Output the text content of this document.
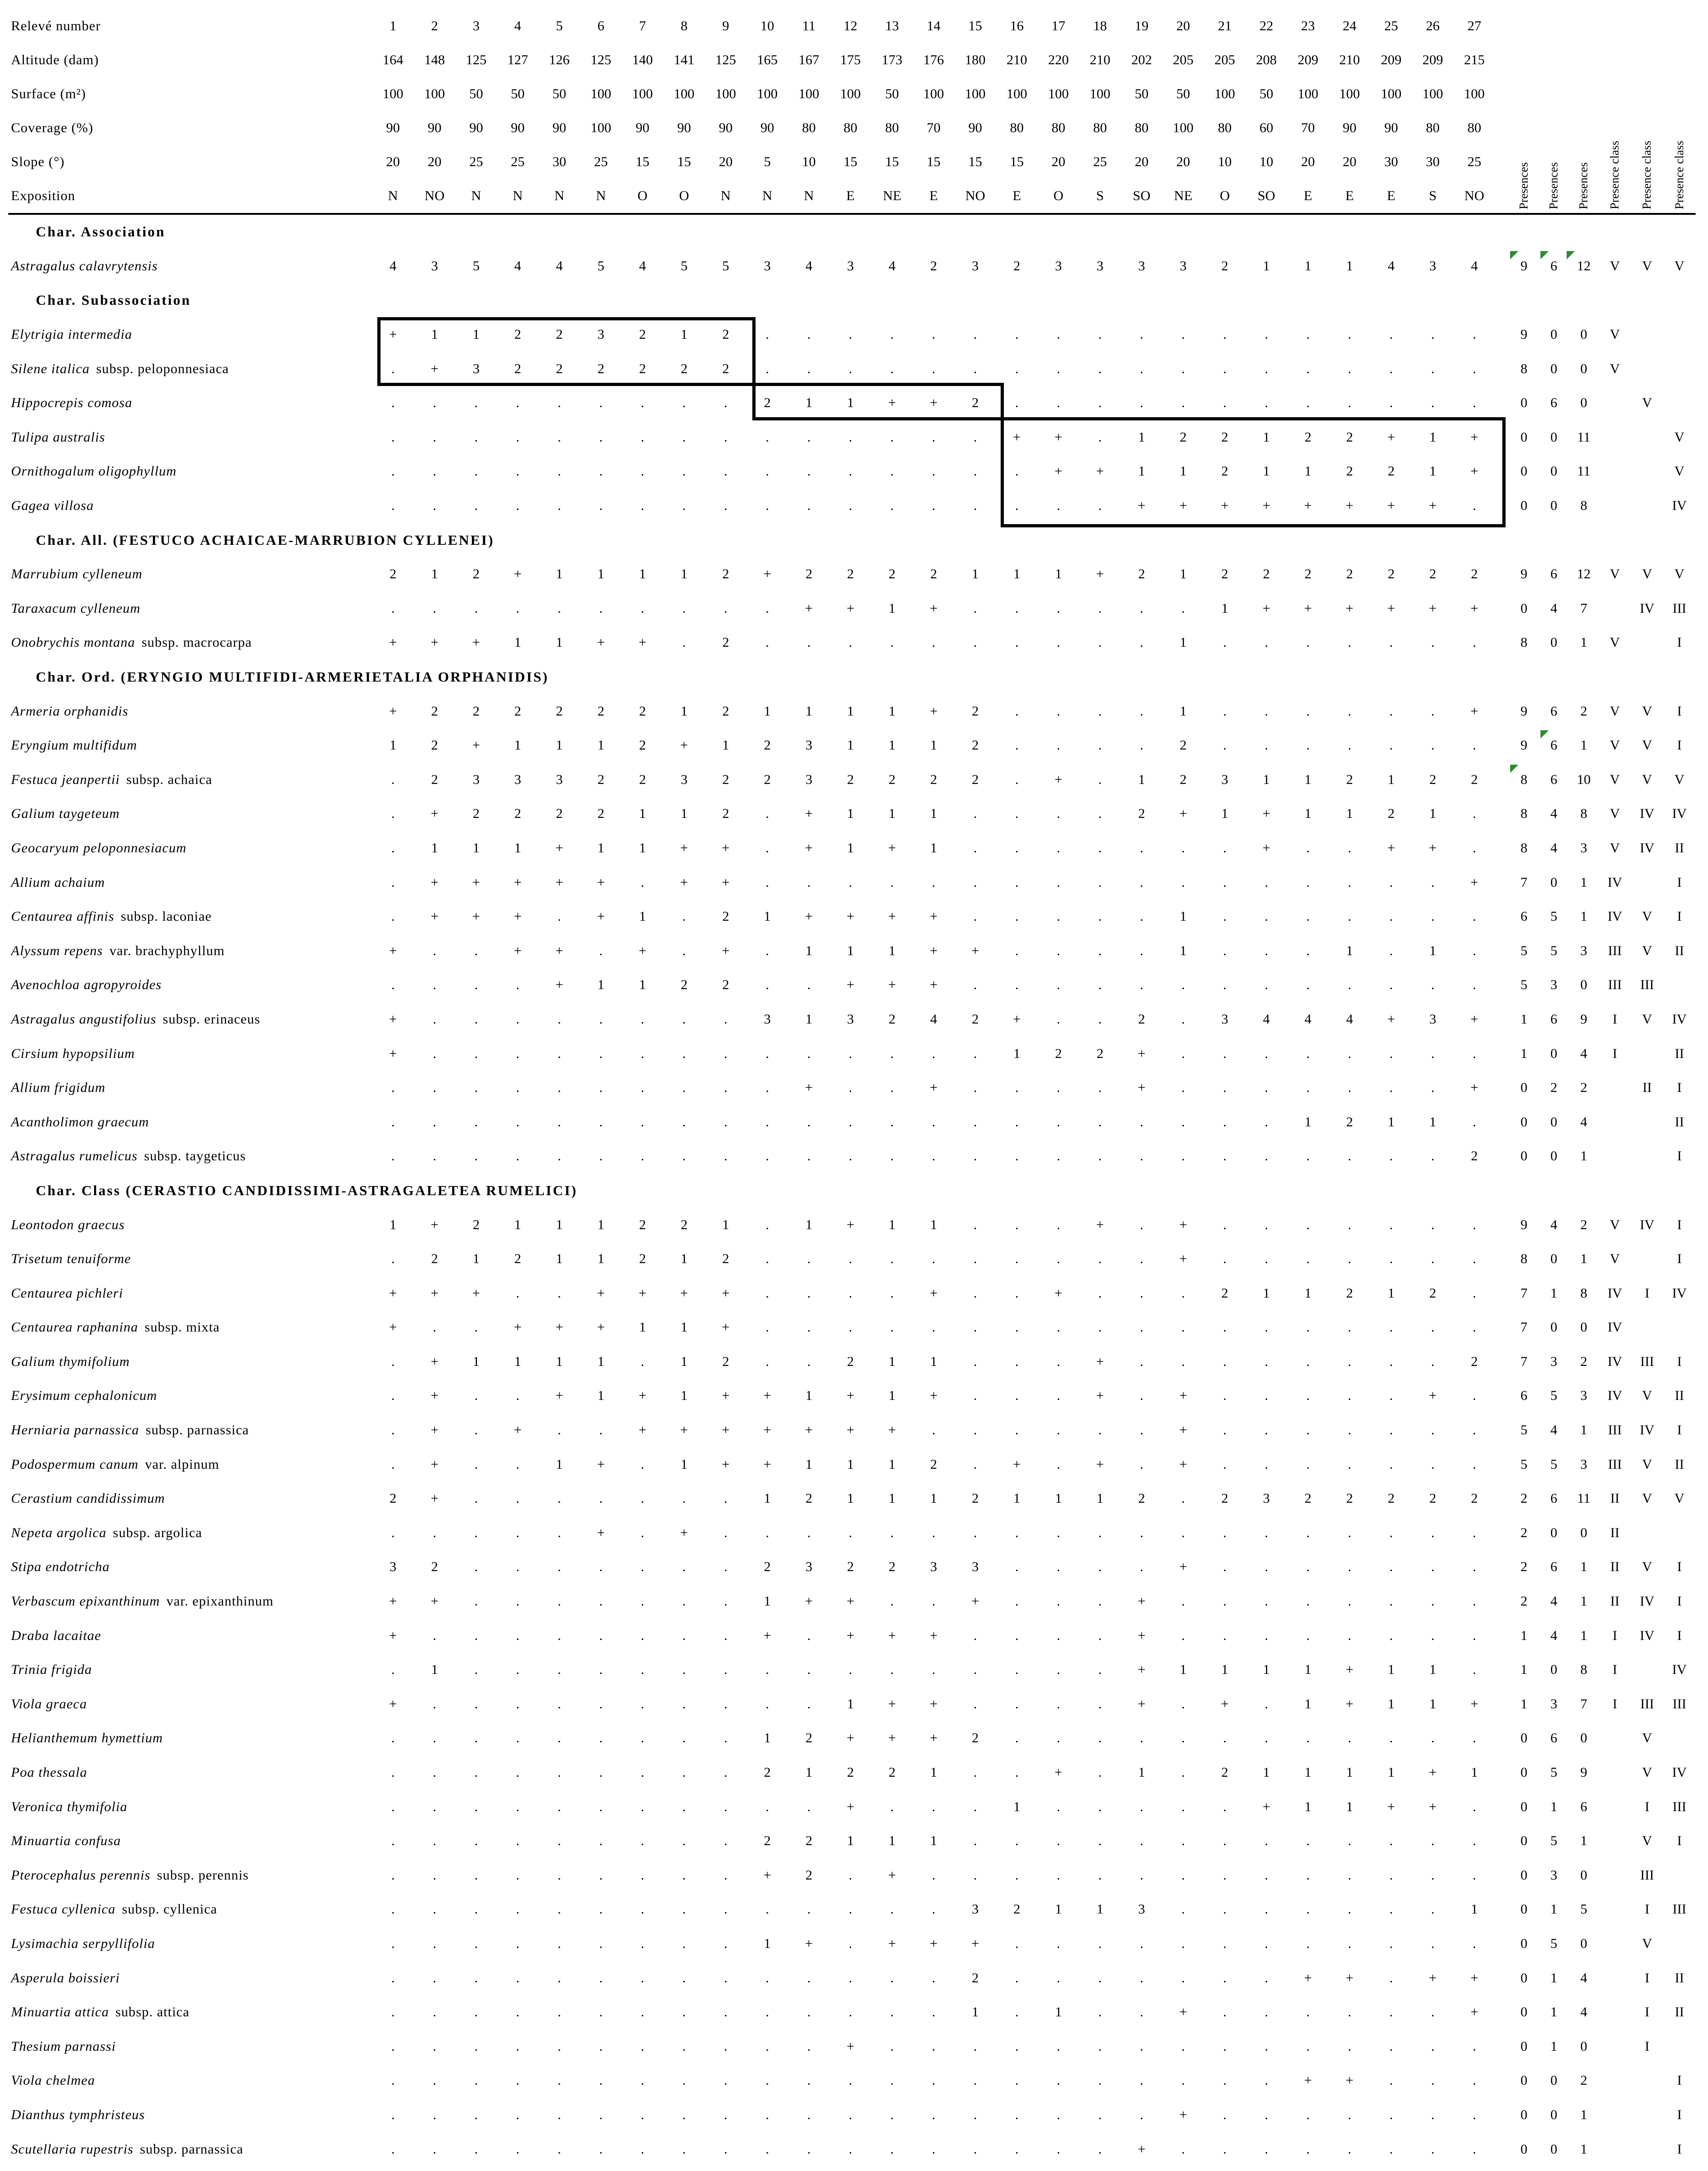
Relevé number	1	2	3	4	5	6	7	8	9	10	11	12	13	14	15	16	17	18	19	20	21	22	23	24	25	26	27		Presences	Presences	Presences	Presence class	Presence class	Presence class

Altitude (dam)	164	148	125	127	126	125	140	141	125	165	167	175	173	176	180	210	220	210	202	205	205	208	209	210	209	209	215							
Surface (m²)	100	100	50	50	50	100	100	100	100	100	100	100	50	100	100	100	100	100	50	50	100	50	100	100	100	100	100							
Coverage (%)	90	90	90	90	90	100	90	90	90	90	80	80	80	70	90	80	80	80	80	100	80	60	70	90	90	80	80							
Slope (°)	20	20	25	25	30	25	15	15	20	5	10	15	15	15	15	15	20	25	20	20	10	10	20	20	30	30	25							
Exposition	N	NO	N	N	N	N	O	O	N	N	N	E	NE	E	NO	E	O	S	SO	NE	O	SO	E	E	E	S	NO							
Char. Association																																		
Astragalus calavrytensis	4	3	5	4	4	5	4	5	5	3	4	3	4	2	3	2	3	3	3	3	2	1	1	1	4	3	4		9	6	12	V	V	V
Char. Subassociation																																		
Elytrigia intermedia	+	1	1	2	2	3	2	1	2	.	.	.	.	.	.	.	.	.	.	.	.	.	.	.	.	.	.		9	0	0	V		
Silene italica subsp. peloponnesiaca	.	+	3	2	2	2	2	2	2	.	.	.	.	.	.	.	.	.	.	.	.	.	.	.	.	.	.		8	0	0	V		
Hippocrepis comosa	.	.	.	.	.	.	.	.	.	2	1	1	+	+	2	.	.	.	.	.	.	.	.	.	.	.	.		0	6	0		V	
Tulipa australis	.	.	.	.	.	.	.	.	.	.	.	.	.	.	.	+	+	.	1	2	2	1	2	2	+	1	+		0	0	11			V
Ornithogalum oligophyllum	.	.	.	.	.	.	.	.	.	.	.	.	.	.	.	.	+	+	1	1	2	1	1	2	2	1	+		0	0	11			V
Gagea villosa	.	.	.	.	.	.	.	.	.	.	.	.	.	.	.	.	.	.	+	+	+	+	+	+	+	+	.		0	0	8			IV
Char. All. (FESTUCO ACHAICAE-MARRUBION CYLLENEI)																																		
Marrubium cylleneum	2	1	2	+	1	1	1	1	2	+	2	2	2	2	1	1	1	+	2	1	2	2	2	2	2	2	2		9	6	12	V	V	V
Taraxacum cylleneum	.	.	.	.	.	.	.	.	.	.	+	+	1	+	.	.	.	.	.	.	1	+	+	+	+	+	+		0	4	7		IV	III
Onobrychis montana subsp. macrocarpa	+	+	+	1	1	+	+	.	2	.	.	.	.	.	.	.	.	.	.	1	.	.	.	.	.	.	.		8	0	1	V		I
Char. Ord. (ERYNGIO MULTIFIDI-ARMERIETALIA ORPHANIDIS)																																		
Armeria orphanidis	+	2	2	2	2	2	2	1	2	1	1	1	1	+	2	.	.	.	.	1	.	.	.	.	.	.	+		9	6	2	V	V	I
Eryngium multifidum	1	2	+	1	1	1	2	+	1	2	3	1	1	1	2	.	.	.	.	2	.	.	.	.	.	.	.		9	6	1	V	V	I
Festuca jeanpertii subsp. achaica	.	2	3	3	3	2	2	3	2	2	3	2	2	2	2	.	+	.	1	2	3	1	1	2	1	2	2		8	6	10	V	V	V
Galium taygeteum	.	+	2	2	2	2	1	1	2	.	+	1	1	1	.	.	.	.	2	+	1	+	1	1	2	1	.		8	4	8	V	IV	IV
Geocaryum peloponnesiacum	.	1	1	1	+	1	1	+	+	.	+	1	+	1	.	.	.	.	.	.	.	+	.	.	+	+	.		8	4	3	V	IV	II
Allium achaium	.	+	+	+	+	+	.	+	+	.	.	.	.	.	.	.	.	.	.	.	.	.	.	.	.	.	+		7	0	1	IV		I
Centaurea affinis subsp. laconiae	.	+	+	+	.	+	1	.	2	1	+	+	+	+	.	.	.	.	.	1	.	.	.	.	.	.	.		6	5	1	IV	V	I
Alyssum repens var. brachyphyllum	+	.	.	+	+	.	+	.	+	.	1	1	1	+	+	.	.	.	.	1	.	.	.	1	.	1	.		5	5	3	III	V	II
Avenochloa agropyroides	.	.	.	.	+	1	1	2	2	.	.	+	+	+	.	.	.	.	.	.	.	.	.	.	.	.	.		5	3	0	III	III	
Astragalus angustifolius subsp. erinaceus	+	.	.	.	.	.	.	.	.	3	1	3	2	4	2	+	.	.	2	.	3	4	4	4	+	3	+		1	6	9	I	V	IV
Cirsium hypopsilium	+	.	.	.	.	.	.	.	.	.	.	.	.	.	.	1	2	2	+	.	.	.	.	.	.	.	.		1	0	4	I		II
Allium frigidum	.	.	.	.	.	.	.	.	.	.	+	.	.	+	.	.	.	.	+	.	.	.	.	.	.	.	+		0	2	2		II	I
Acantholimon graecum	.	.	.	.	.	.	.	.	.	.	.	.	.	.	.	.	.	.	.	.	.	.	1	2	1	1	.		0	0	4			II
Astragalus rumelicus subsp. taygeticus	.	.	.	.	.	.	.	.	.	.	.	.	.	.	.	.	.	.	.	.	.	.	.	.	.	.	2		0	0	1			I
Char. Class (CERASTIO CANDIDISSIMI-ASTRAGALETEA RUMELICI)																																		
Leontodon graecus	1	+	2	1	1	1	2	2	1	.	1	+	1	1	.	.	.	+	.	+	.	.	.	.	.	.	.		9	4	2	V	IV	I
Trisetum tenuiforme	.	2	1	2	1	1	2	1	2	.	.	.	.	.	.	.	.	.	.	+	.	.	.	.	.	.	.		8	0	1	V		I
Centaurea pichleri	+	+	+	.	.	+	+	+	+	.	.	.	.	+	.	.	+	.	.	.	2	1	1	2	1	2	.		7	1	8	IV	I	IV
Centaurea raphanina subsp. mixta	+	.	.	+	+	+	1	1	+	.	.	.	.	.	.	.	.	.	.	.	.	.	.	.	.	.	.		7	0	0	IV		
Galium thymifolium	.	+	1	1	1	1	.	1	2	.	.	2	1	1	.	.	.	+	.	.	.	.	.	.	.	.	2		7	3	2	IV	III	I
Erysimum cephalonicum	.	+	.	.	+	1	+	1	+	+	1	+	1	+	.	.	.	+	.	+	.	.	.	.	.	+	.		6	5	3	IV	V	II
Herniaria parnassica subsp. parnassica	.	+	.	+	.	.	+	+	+	+	+	+	+	.	.	.	.	.	.	+	.	.	.	.	.	.	.		5	4	1	III	IV	I
Podospermum canum var. alpinum	.	+	.	.	1	+	.	1	+	+	1	1	1	2	.	+	.	+	.	+	.	.	.	.	.	.	.		5	5	3	III	V	II
Cerastium candidissimum	2	+	.	.	.	.	.	.	.	1	2	1	1	1	2	1	1	1	2	.	2	3	2	2	2	2	2		2	6	11	II	V	V
Nepeta argolica subsp. argolica	.	.	.	.	.	+	.	+	.	.	.	.	.	.	.	.	.	.	.	.	.	.	.	.	.	.	.		2	0	0	II		
Stipa endotricha	3	2	.	.	.	.	.	.	.	2	3	2	2	3	3	.	.	.	.	+	.	.	.	.	.	.	.		2	6	1	II	V	I
Verbascum epixanthinum var. epixanthinum	+	+	.	.	.	.	.	.	.	1	+	+	.	.	+	.	.	.	+	.	.	.	.	.	.	.	.		2	4	1	II	IV	I
Draba lacaitae	+	.	.	.	.	.	.	.	.	+	.	+	+	+	.	.	.	.	+	.	.	.	.	.	.	.	.		1	4	1	I	IV	I
Trinia frigida	.	1	.	.	.	.	.	.	.	.	.	.	.	.	.	.	.	.	+	1	1	1	1	+	1	1	.		1	0	8	I		IV
Viola graeca	+	.	.	.	.	.	.	.	.	.	.	1	+	+	.	.	.	.	+	.	+	.	1	+	1	1	+		1	3	7	I	III	III
Helianthemum hymettium	.	.	.	.	.	.	.	.	.	1	2	+	+	+	2	.	.	.	.	.	.	.	.	.	.	.	.		0	6	0		V	
Poa thessala	.	.	.	.	.	.	.	.	.	2	1	2	2	1	.	.	+	.	1	.	2	1	1	1	1	+	1		0	5	9		V	IV
Veronica thymifolia	.	.	.	.	.	.	.	.	.	.	.	+	.	.	.	1	.	.	.	.	.	+	1	1	+	+	.		0	1	6		I	III
Minuartia confusa	.	.	.	.	.	.	.	.	.	2	2	1	1	1	.	.	.	.	.	.	.	.	.	.	.	.	.		0	5	1		V	I
Pterocephalus perennis subsp. perennis	.	.	.	.	.	.	.	.	.	+	2	.	+	.	.	.	.	.	.	.	.	.	.	.	.	.	.		0	3	0		III	
Festuca cyllenica subsp. cyllenica	.	.	.	.	.	.	.	.	.	.	.	.	.	.	3	2	1	1	3	.	.	.	.	.	.	.	1		0	1	5		I	III
Lysimachia serpyllifolia	.	.	.	.	.	.	.	.	.	1	+	.	+	+	+	.	.	.	.	.	.	.	.	.	.	.	.		0	5	0		V	
Asperula boissieri	.	.	.	.	.	.	.	.	.	.	.	.	.	.	2	.	.	.	.	.	.	.	+	+	.	+	+		0	1	4		I	II
Minuartia attica subsp. attica	.	.	.	.	.	.	.	.	.	.	.	.	.	.	1	.	1	.	.	+	.	.	.	.	.	.	+		0	1	4		I	II
Thesium parnassi	.	.	.	.	.	.	.	.	.	.	.	+	.	.	.	.	.	.	.	.	.	.	.	.	.	.	.		0	1	0		I	
Viola chelmea	.	.	.	.	.	.	.	.	.	.	.	.	.	.	.	.	.	.	.	.	.	.	+	+	.	.	.		0	0	2			I
Dianthus tymphristeus	.	.	.	.	.	.	.	.	.	.	.	.	.	.	.	.	.	.	.	+	.	.	.	.	.	.	.		0	0	1			I
Scutellaria rupestris subsp. parnassica	.	.	.	.	.	.	.	.	.	.	.	.	.	.	.	.	.	.	+	.	.	.	.	.	.	.	.		0	0	1			I
